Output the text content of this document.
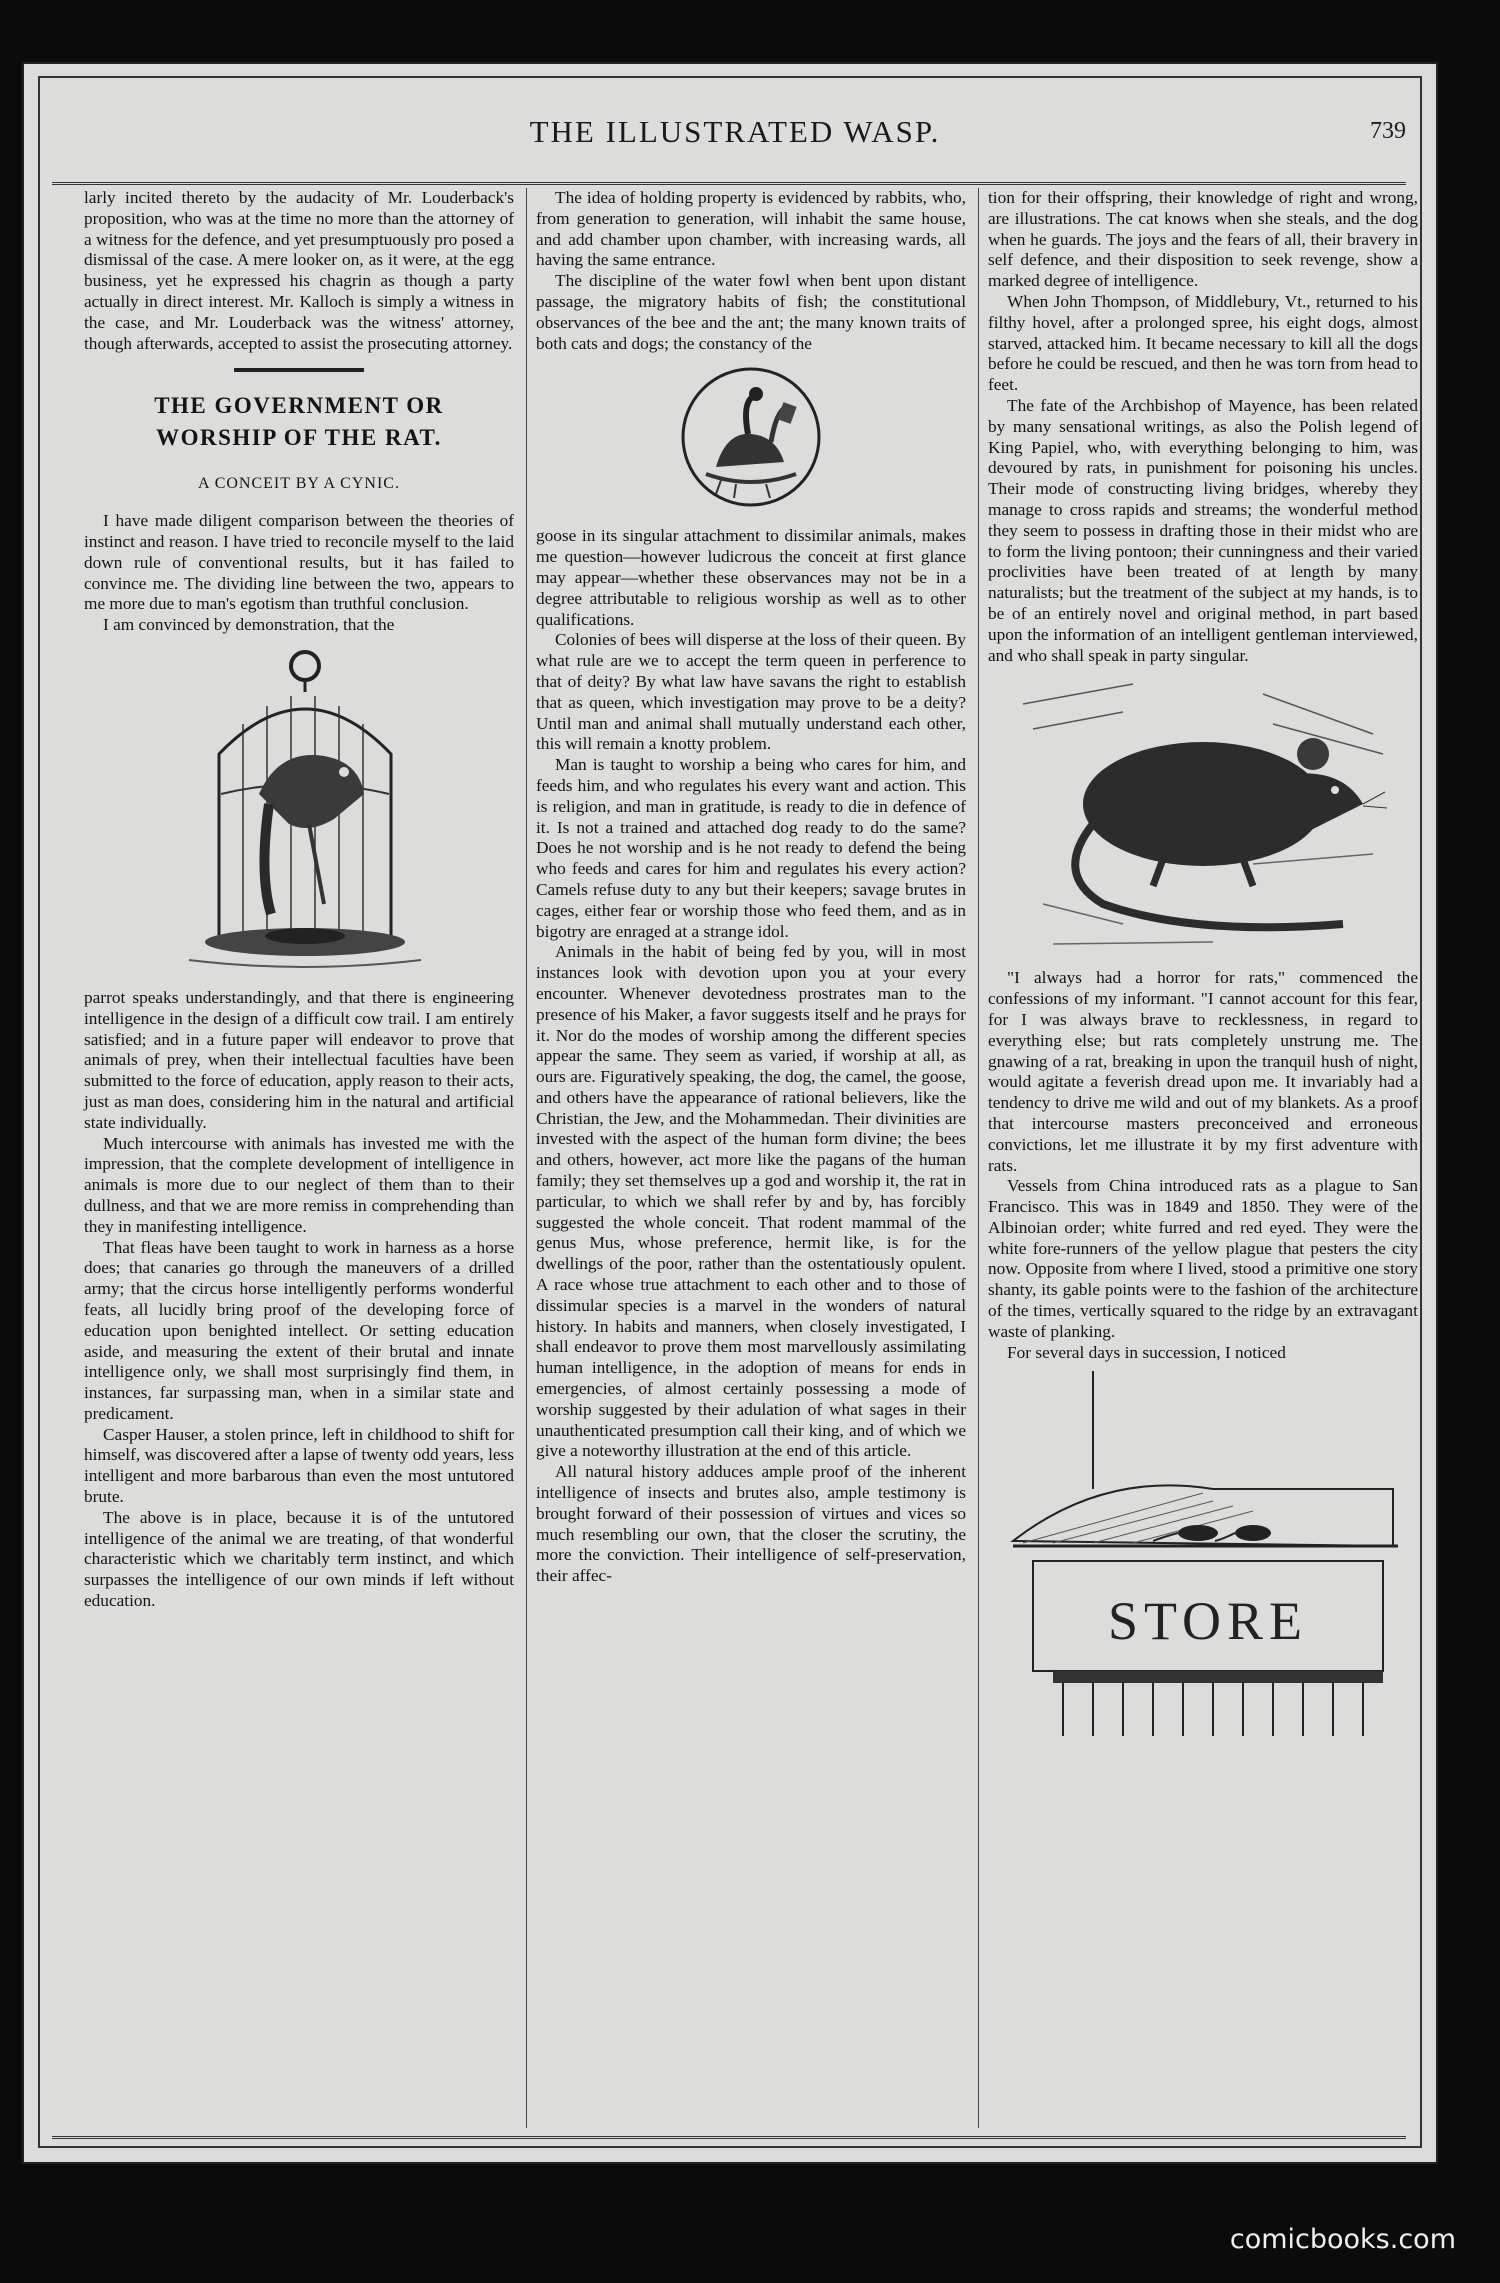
THE ILLUSTRATED WASP.	739

larly incited thereto by the audacity of Mr. Louderback's proposition, who was at the time no more than the attorney of a witness for the defence, and yet presumptuously pro posed a dismissal of the case. A mere looker on, as it were, at the egg business, yet he expressed his chagrin as though a party actually in direct interest. Mr. Kalloch is simply a witness in the case, and Mr. Louderback was the witness' attorney, though afterwards, accepted to assist the prosecuting attorney.

THE GOVERNMENT OR WORSHIP OF THE RAT.
A CONCEIT BY A CYNIC.

I have made diligent comparison between the theories of instinct and reason. I have tried to reconcile myself to the laid down rule of conventional results, but it has failed to convince me. The dividing line between the two, appears to me more due to man's egotism than truthful conclusion.

I am convinced by demonstration, that the

parrot speaks understandingly, and that there is engineering intelligence in the design of a difficult cow trail. I am entirely satisfied; and in a future paper will endeavor to prove that animals of prey, when their intellectual faculties have been submitted to the force of education, apply reason to their acts, just as man does, considering him in the natural and artificial state individually.

Much intercourse with animals has invested me with the impression, that the complete development of intelligence in animals is more due to our neglect of them than to their dullness, and that we are more remiss in comprehending than they in manifesting intelligence.

That fleas have been taught to work in harness as a horse does; that canaries go through the maneuvers of a drilled army; that the circus horse intelligently performs wonderful feats, all lucidly bring proof of the developing force of education upon benighted intellect. Or setting education aside, and measuring the extent of their brutal and innate intelligence only, we shall most surprisingly find them, in instances, far surpassing man, when in a similar state and predicament.

Casper Hauser, a stolen prince, left in childhood to shift for himself, was discovered after a lapse of twenty odd years, less intelligent and more barbarous than even the most untutored brute.

The above is in place, because it is of the untutored intelligence of the animal we are treating, of that wonderful characteristic which we charitably term instinct, and which surpasses the intelligence of our own minds if left without education.

The idea of holding property is evidenced by rabbits, who, from generation to generation, will inhabit the same house, and add chamber upon chamber, with increasing wards, all having the same entrance.

The discipline of the water fowl when bent upon distant passage, the migratory habits of fish; the constitutional observances of the bee and the ant; the many known traits of both cats and dogs; the constancy of the

goose in its singular attachment to dissimilar animals, makes me question—however ludicrous the conceit at first glance may appear—whether these observances may not be in a degree attributable to religious worship as well as to other qualifications.

Colonies of bees will disperse at the loss of their queen. By what rule are we to accept the term queen in perference to that of deity? By what law have savans the right to establish that as queen, which investigation may prove to be a deity? Until man and animal shall mutually understand each other, this will remain a knotty problem.

Man is taught to worship a being who cares for him, and feeds him, and who regulates his every want and action. This is religion, and man in gratitude, is ready to die in defence of it. Is not a trained and attached dog ready to do the same? Does he not worship and is he not ready to defend the being who feeds and cares for him and regulates his every action? Camels refuse duty to any but their keepers; savage brutes in cages, either fear or worship those who feed them, and as in bigotry are enraged at a strange idol.

Animals in the habit of being fed by you, will in most instances look with devotion upon you at your every encounter. Whenever devotedness prostrates man to the presence of his Maker, a favor suggests itself and he prays for it. Nor do the modes of worship among the different species appear the same. They seem as varied, if worship at all, as ours are. Figuratively speaking, the dog, the camel, the goose, and others have the appearance of rational believers, like the Christian, the Jew, and the Mohammedan. Their divinities are invested with the aspect of the human form divine; the bees and others, however, act more like the pagans of the human family; they set themselves up a god and worship it, the rat in particular, to which we shall refer by and by, has forcibly suggested the whole conceit. That rodent mammal of the genus Mus, whose preference, hermit like, is for the dwellings of the poor, rather than the ostentatiously opulent. A race whose true attachment to each other and to those of dissimular species is a marvel in the wonders of natural history. In habits and manners, when closely investigated, I shall endeavor to prove them most marvellously assimilating human intelligence, in the adoption of means for ends in emergencies, of almost certainly possessing a mode of worship suggested by their adulation of what sages in their unauthenticated presumption call their king, and of which we give a noteworthy illustration at the end of this article.

All natural history adduces ample proof of the inherent intelligence of insects and brutes also, ample testimony is brought forward of their possession of virtues and vices so much resembling our own, that the closer the scrutiny, the more the conviction. Their intelligence of self-preservation, their affec-

tion for their offspring, their knowledge of right and wrong, are illustrations. The cat knows when she steals, and the dog when he guards. The joys and the fears of all, their bravery in self defence, and their disposition to seek revenge, show a marked degree of intelligence.

When John Thompson, of Middlebury, Vt., returned to his filthy hovel, after a prolonged spree, his eight dogs, almost starved, attacked him. It became necessary to kill all the dogs before he could be rescued, and then he was torn from head to feet.

The fate of the Archbishop of Mayence, has been related by many sensational writings, as also the Polish legend of King Papiel, who, with everything belonging to him, was devoured by rats, in punishment for poisoning his uncles. Their mode of constructing living bridges, whereby they manage to cross rapids and streams; the wonderful method they seem to possess in drafting those in their midst who are to form the living pontoon; their cunningness and their varied proclivities have been treated of at length by many naturalists; but the treatment of the subject at my hands, is to be of an entirely novel and original method, in part based upon the information of an intelligent gentleman interviewed, and who shall speak in party singular.

"I always had a horror for rats," commenced the confessions of my informant. "I cannot account for this fear, for I was always brave to recklessness, in regard to everything else; but rats completely unstrung me. The gnawing of a rat, breaking in upon the tranquil hush of night, would agitate a feverish dread upon me. It invariably had a tendency to drive me wild and out of my blankets. As a proof that intercourse masters preconceived and erroneous convictions, let me illustrate it by my first adventure with rats.

Vessels from China introduced rats as a plague to San Francisco. This was in 1849 and 1850. They were of the Albinoian order; white furred and red eyed. They were the white fore-runners of the yellow plague that pesters the city now. Opposite from where I lived, stood a primitive one story shanty, its gable points were to the fashion of the architecture of the times, vertically squared to the ridge by an extravagant waste of planking.

For several days in succession, I noticed

STORE
comicbooks.com
